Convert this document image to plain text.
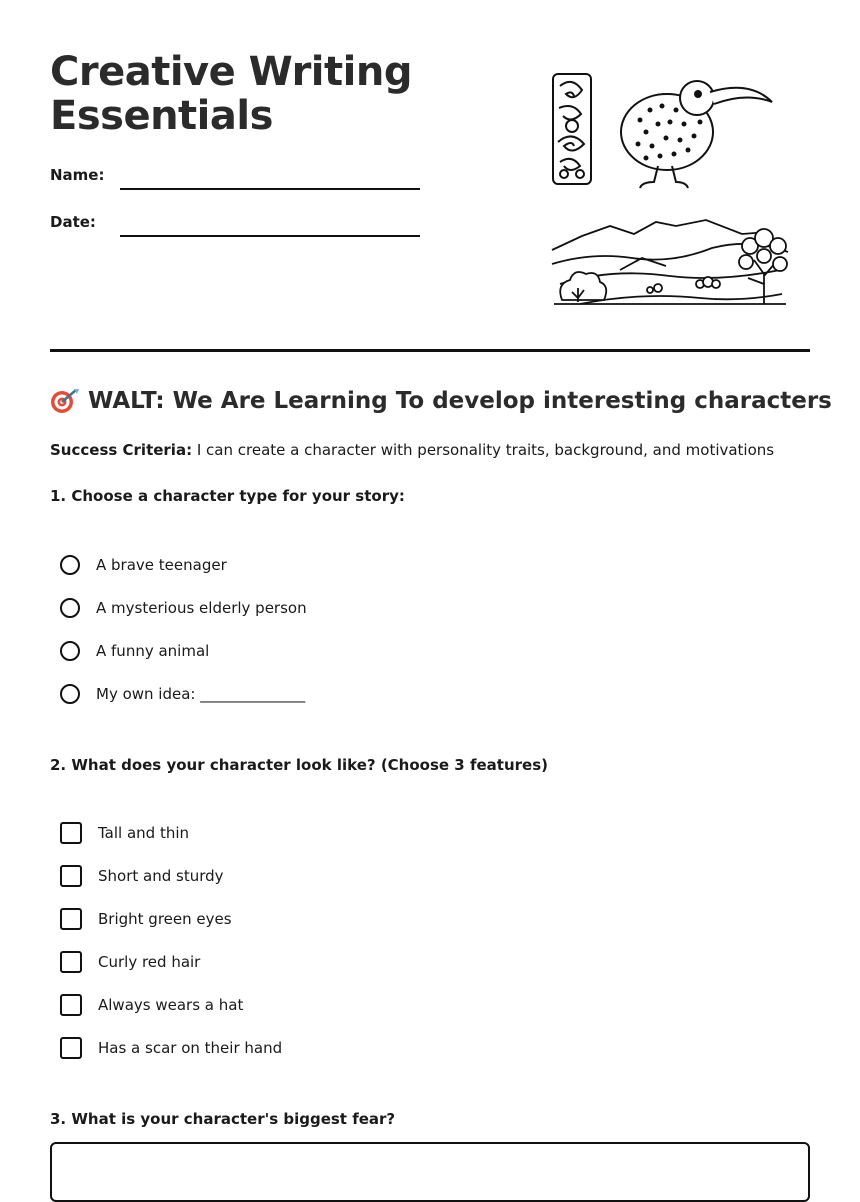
Creative Writing
Essentials
Name:
Date:
WALT: We Are Learning To develop interesting characters
Success Criteria: I can create a character with personality traits, background, and motivations

1. Choose a character type for your story:

A brave teenager
A mysterious elderly person
A funny animal
My own idea: ______________

2. What does your character look like? (Choose 3 features)

Tall and thin
Short and sturdy
Bright green eyes
Curly red hair
Always wears a hat
Has a scar on their hand

3. What is your character's biggest fear?
